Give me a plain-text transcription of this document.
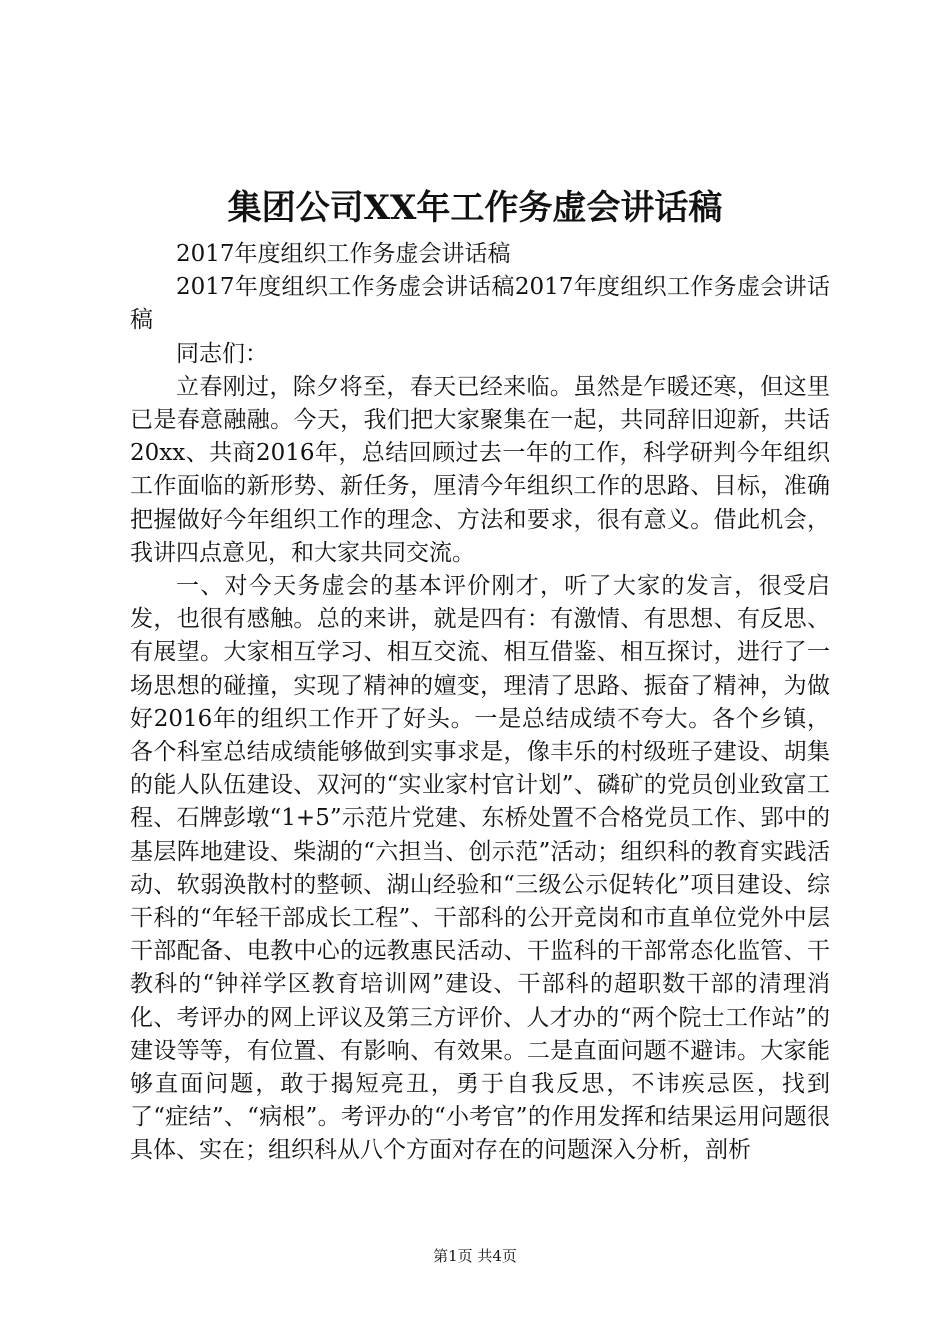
集团公司XX年工作务虚会讲话稿

2017年度组织工作务虚会讲话稿

2017年度组织工作务虚会讲话稿2017年度组织工作务虚会讲话稿

同志们：

立春刚过，除夕将至，春天已经来临。虽然是乍暖还寒，但这里已是春意融融。今天，我们把大家聚集在一起，共同辞旧迎新，共话20xx、共商2016年，总结回顾过去一年的工作，科学研判今年组织工作面临的新形势、新任务，厘清今年组织工作的思路、目标，准确把握做好今年组织工作的理念、方法和要求，很有意义。借此机会，我讲四点意见，和大家共同交流。

一、对今天务虚会的基本评价刚才，听了大家的发言，很受启发，也很有感触。总的来讲，就是四有：有激情、有思想、有反思、有展望。大家相互学习、相互交流、相互借鉴、相互探讨，进行了一场思想的碰撞，实现了精神的嬗变，理清了思路、振奋了精神，为做好2016年的组织工作开了好头。一是总结成绩不夸大。各个乡镇，各个科室总结成绩能够做到实事求是，像丰乐的村级班子建设、胡集的能人队伍建设、双河的“实业家村官计划”、磷矿的党员创业致富工程、石牌彭墩“1+5”示范片党建、东桥处置不合格党员工作、郢中的基层阵地建设、柴湖的“六担当、创示范”活动；组织科的教育实践活动、软弱涣散村的整顿、湖山经验和“三级公示促转化”项目建设、综干科的“年轻干部成长工程”、干部科的公开竞岗和市直单位党外中层干部配备、电教中心的远教惠民活动、干监科的干部常态化监管、干教科的“钟祥学区教育培训网”建设、干部科的超职数干部的清理消化、考评办的网上评议及第三方评价、人才办的“两个院士工作站”的建设等等，有位置、有影响、有效果。二是直面问题不避讳。大家能够直面问题，敢于揭短亮丑，勇于自我反思，不讳疾忌医，找到了“症结”、“病根”。考评办的“小考官”的作用发挥和结果运用问题很具体、实在；组织科从八个方面对存在的问题深入分析，剖析

第1页 共4页
